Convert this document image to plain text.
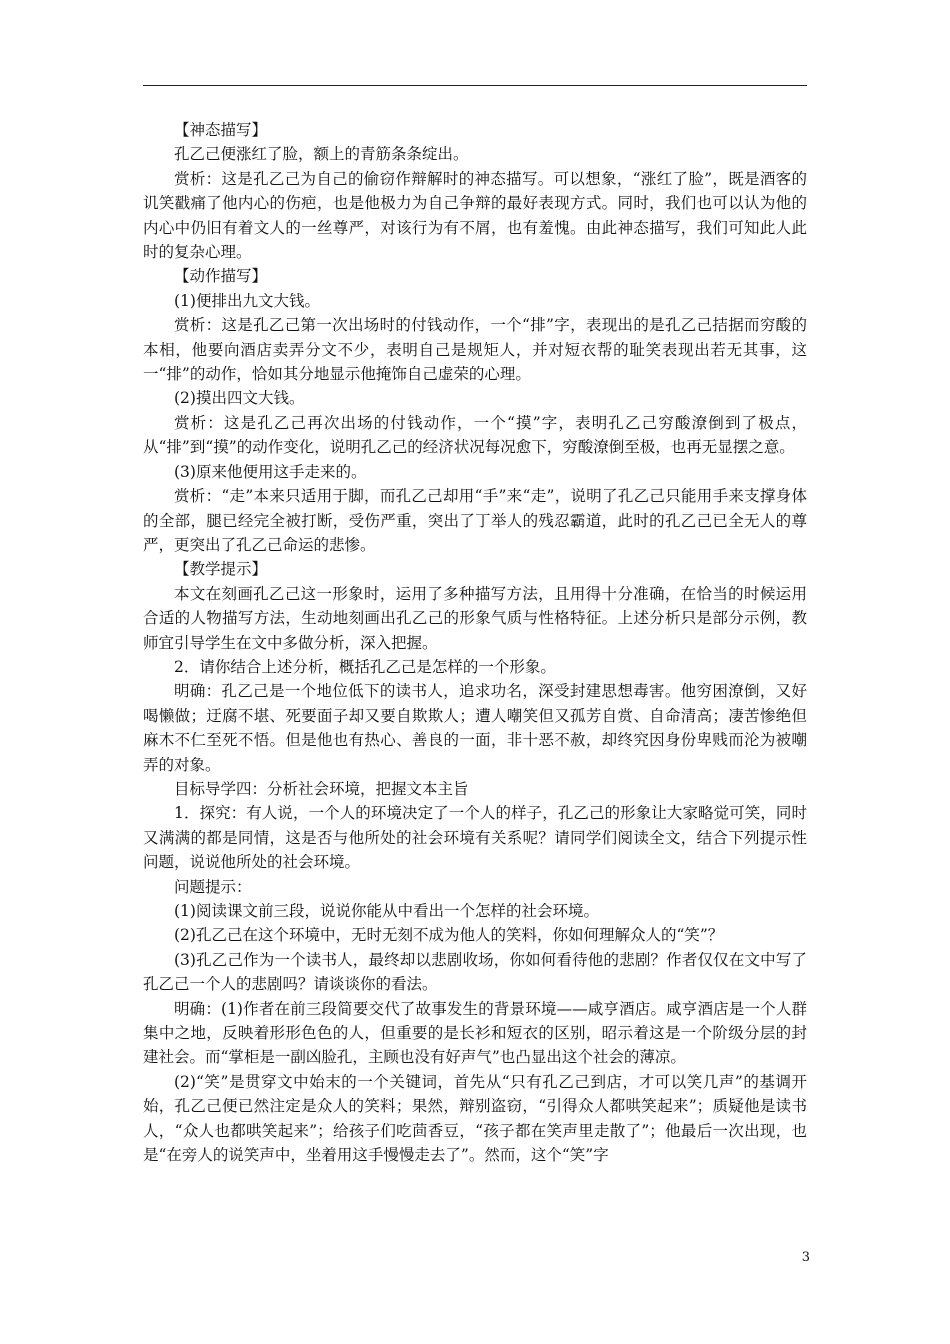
【神态描写】

孔乙己便涨红了脸，额上的青筋条条绽出。

赏析：这是孔乙己为自己的偷窃作辩解时的神态描写。可以想象，“涨红了脸”，既是酒客的讥笑戳痛了他内心的伤疤，也是他极力为自己争辩的最好表现方式。同时，我们也可以认为他的内心中仍旧有着文人的一丝尊严，对该行为有不屑，也有羞愧。由此神态描写，我们可知此人此时的复杂心理。

【动作描写】

(1)便排出九文大钱。

赏析：这是孔乙己第一次出场时的付钱动作，一个“排”字，表现出的是孔乙己拮据而穷酸的本相，他要向酒店卖弄分文不少，表明自己是规矩人，并对短衣帮的耻笑表现出若无其事，这一“排”的动作，恰如其分地显示他掩饰自己虚荣的心理。

(2)摸出四文大钱。

赏析：这是孔乙己再次出场的付钱动作，一个“摸”字，表明孔乙己穷酸潦倒到了极点，从“排”到“摸”的动作变化，说明孔乙己的经济状况每况愈下，穷酸潦倒至极，也再无显摆之意。

(3)原来他便用这手走来的。

赏析：“走”本来只适用于脚，而孔乙己却用“手”来“走”，说明了孔乙己只能用手来支撑身体的全部，腿已经完全被打断，受伤严重，突出了丁举人的残忍霸道，此时的孔乙己已全无人的尊严，更突出了孔乙己命运的悲惨。

【教学提示】

本文在刻画孔乙己这一形象时，运用了多种描写方法，且用得十分准确，在恰当的时候运用合适的人物描写方法，生动地刻画出孔乙己的形象气质与性格特征。上述分析只是部分示例，教师宜引导学生在文中多做分析，深入把握。

2．请你结合上述分析，概括孔乙己是怎样的一个形象。

明确：孔乙己是一个地位低下的读书人，追求功名，深受封建思想毒害。他穷困潦倒，又好喝懒做；迂腐不堪、死要面子却又要自欺欺人；遭人嘲笑但又孤芳自赏、自命清高；凄苦惨绝但麻木不仁至死不悟。但是他也有热心、善良的一面，非十恶不赦，却终究因身份卑贱而沦为被嘲弄的对象。

目标导学四：分析社会环境，把握文本主旨

1．探究：有人说，一个人的环境决定了一个人的样子，孔乙己的形象让大家略觉可笑，同时又满满的都是同情，这是否与他所处的社会环境有关系呢？请同学们阅读全文，结合下列提示性问题，说说他所处的社会环境。

问题提示：

(1)阅读课文前三段，说说你能从中看出一个怎样的社会环境。

(2)孔乙己在这个环境中，无时无刻不成为他人的笑料，你如何理解众人的“笑”？

(3)孔乙己作为一个读书人，最终却以悲剧收场，你如何看待他的悲剧？作者仅仅在文中写了孔乙己一个人的悲剧吗？请谈谈你的看法。

明确：(1)作者在前三段简要交代了故事发生的背景环境——咸亨酒店。咸亨酒店是一个人群集中之地，反映着形形色色的人，但重要的是长衫和短衣的区别，昭示着这是一个阶级分层的封建社会。而“掌柜是一副凶脸孔，主顾也没有好声气”也凸显出这个社会的薄凉。

(2)“笑”是贯穿文中始末的一个关键词，首先从“只有孔乙己到店，才可以笑几声”的基调开始，孔乙己便已然注定是众人的笑料；果然，辩别盗窃，“引得众人都哄笑起来”；质疑他是读书人，“众人也都哄笑起来”；给孩子们吃茴香豆，“孩子都在笑声里走散了”；他最后一次出现，也是“在旁人的说笑声中，坐着用这手慢慢走去了”。然而，这个“笑”字

3
